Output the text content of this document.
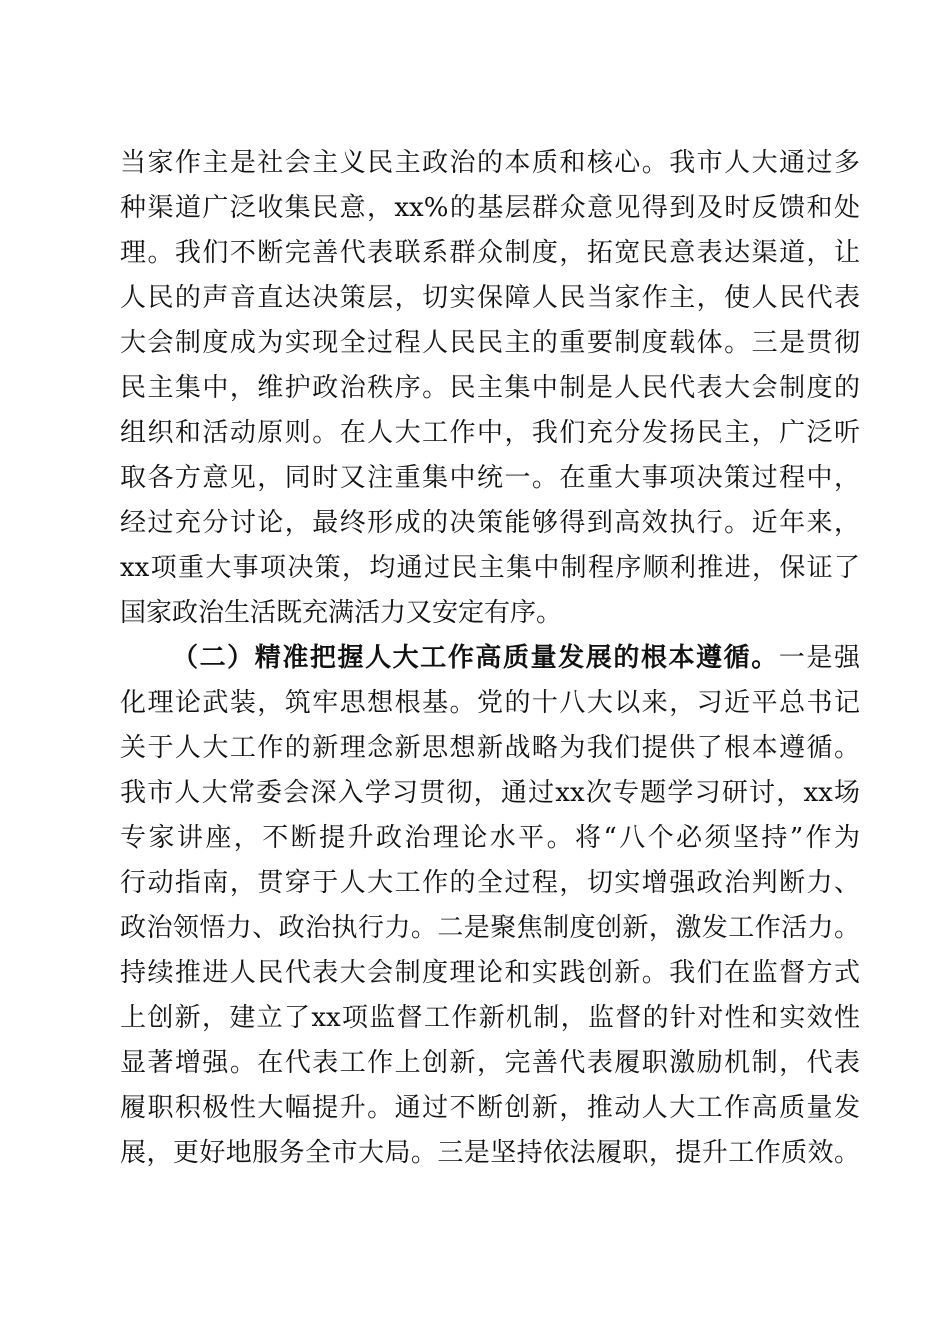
当家作主是社会主义民主政治的本质和核心。我市人大通过多
种渠道广泛收集民意，xx%的基层群众意见得到及时反馈和处
理。我们不断完善代表联系群众制度，拓宽民意表达渠道，让
人民的声音直达决策层，切实保障人民当家作主，使人民代表
大会制度成为实现全过程人民民主的重要制度载体。三是贯彻
民主集中，维护政治秩序。民主集中制是人民代表大会制度的
组织和活动原则。在人大工作中，我们充分发扬民主，广泛听
取各方意见，同时又注重集中统一。在重大事项决策过程中，
经过充分讨论，最终形成的决策能够得到高效执行。近年来，
xx项重大事项决策，均通过民主集中制程序顺利推进，保证了
国家政治生活既充满活力又安定有序。
（二）精准把握人大工作高质量发展的根本遵循。一是强
化理论武装，筑牢思想根基。党的十八大以来，习近平总书记
关于人大工作的新理念新思想新战略为我们提供了根本遵循。
我市人大常委会深入学习贯彻，通过xx次专题学习研讨，xx场
专家讲座，不断提升政治理论水平。将“八个必须坚持”作为
行动指南，贯穿于人大工作的全过程，切实增强政治判断力、
政治领悟力、政治执行力。二是聚焦制度创新，激发工作活力。
持续推进人民代表大会制度理论和实践创新。我们在监督方式
上创新，建立了xx项监督工作新机制，监督的针对性和实效性
显著增强。在代表工作上创新，完善代表履职激励机制，代表
履职积极性大幅提升。通过不断创新，推动人大工作高质量发
展，更好地服务全市大局。三是坚持依法履职，提升工作质效。
